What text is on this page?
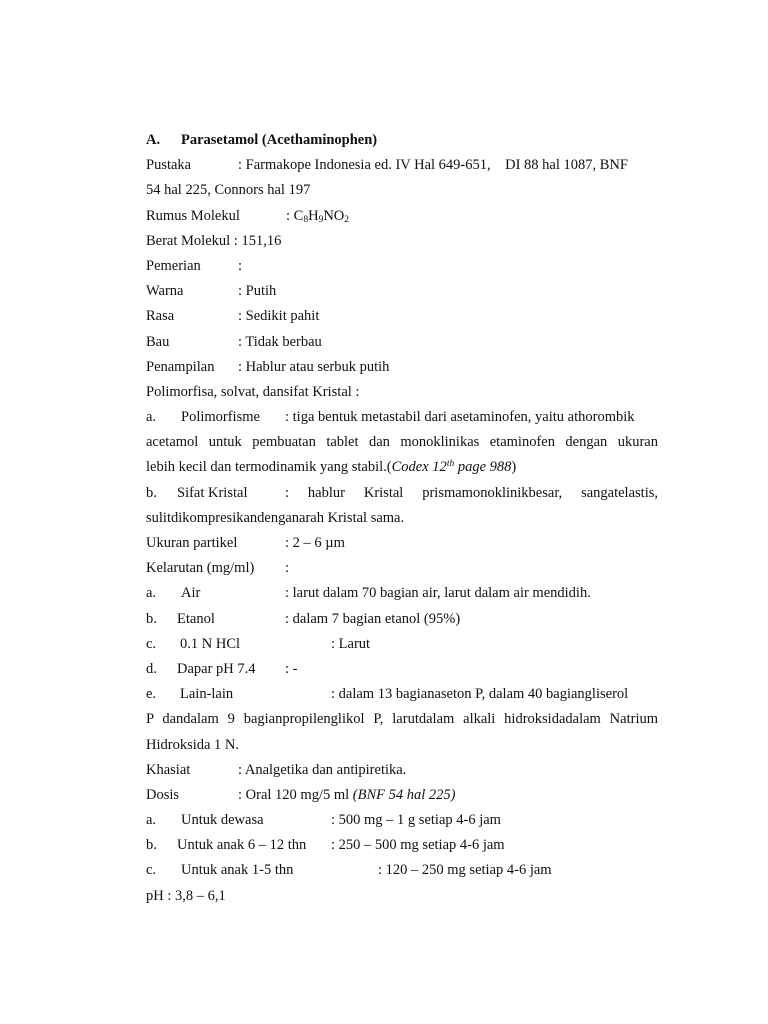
A. Parasetamol (Acethaminophen)
Pustaka	: Farmakope Indonesia ed. IV Hal 649-651,    DI 88 hal 1087, BNF
54 hal 225, Connors hal 197
Rumus Molekul	: $C_8H_9NO_2$
Berat Molekul : 151,16
Pemerian	:
Warna	: Putih
Rasa	: Sedikit pahit
Bau	: Tidak berbau
Penampilan : Hablur atau serbuk putih
Polimorfisa, solvat, dansifat Kristal :
a. Polimorfisme : tiga bentuk metastabil dari asetaminofen, yaitu athorombik
acetamol untuk pembuatan tablet dan monoklinikas etaminofen dengan ukuran
lebih kecil dan termodinamik yang stabil.(Codex 12th page 988)
b. Sifat Kristal	: hablur Kristal prismamonoklinikbesar, sangatelastis,
sulitdikompresikandenganarah Kristal sama.
Ukuran partikel	: 2 – 6 µm
Kelarutan (mg/ml) :
a. Air	: larut dalam 70 bagian air, larut dalam air mendidih.
b. Etanol	: dalam 7 bagian etanol (95%)
c. 0.1 N HCl	: Larut
d. Dapar pH 7.4 : -
e. Lain-lain	: dalam 13 bagianaseton P, dalam 40 bagiangliserol
P dandalam 9 bagianpropilenglikol P, larutdalam alkali hidroksidadalam Natrium
Hidroksida 1 N.
Khasiat	: Analgetika dan antipiretika.
Dosis	: Oral 120 mg/5 ml (BNF 54 hal 225)
a. Untuk dewasa	: 500 mg – 1 g setiap 4-6 jam
b. Untuk anak 6 – 12 thn : 250 – 500 mg setiap 4-6 jam
c. Untuk anak 1-5 thn	: 120 – 250 mg setiap 4-6 jam
pH : 3,8 – 6,1
